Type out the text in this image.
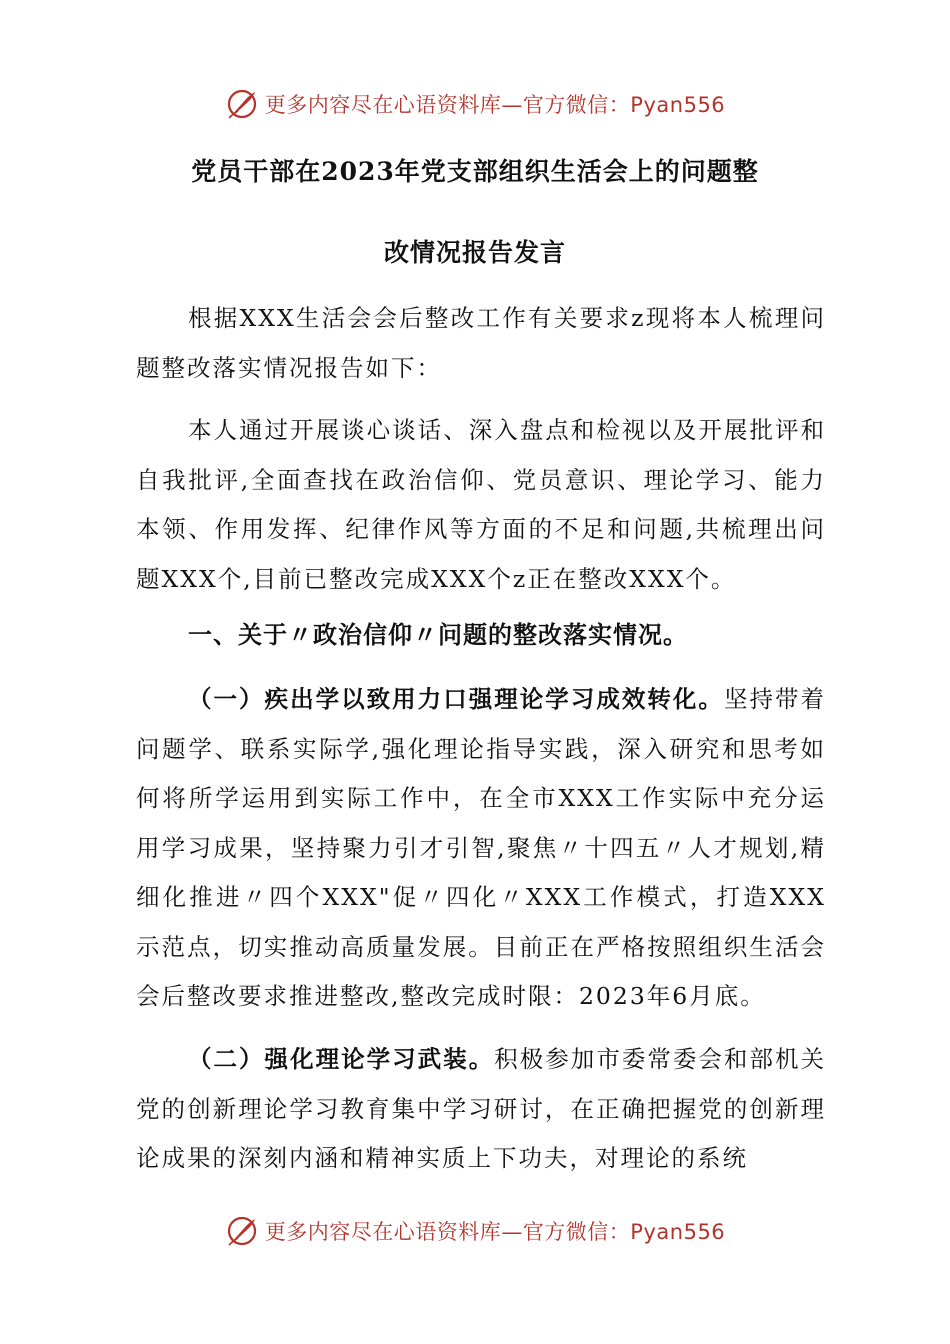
更多内容尽在心语资料库—官方微信：Pyan556
党员干部在2023年党支部组织生活会上的问题整
改情况报告发言

根据XXX生活会会后整改工作有关要求z现将本人梳理问题整改落实情况报告如下：

本人通过开展谈心谈话、深入盘点和检视以及开展批评和自我批评,全面查找在政治信仰、党员意识、理论学习、能力本领、作用发挥、纪律作风等方面的不足和问题,共梳理出问题XXX个,目前已整改完成XXX个z正在整改XXX个。

一、关于〃政治信仰〃问题的整改落实情况。

（一）疾出学以致用力口强理论学习成效转化。坚持带着问题学、联系实际学,强化理论指导实践，深入研究和思考如何将所学运用到实际工作中，在全市XXX工作实际中充分运用学习成果，坚持聚力引才引智,聚焦〃十四五〃人才规划,精细化推进〃四个XXX"促〃四化〃XXX工作模式，打造XXX示范点，切实推动高质量发展。目前正在严格按照组织生活会会后整改要求推进整改,整改完成时限：2023年6月底。

（二）强化理论学习武装。积极参加市委常委会和部机关党的创新理论学习教育集中学习研讨，在正确把握党的创新理论成果的深刻内涵和精神实质上下功夫，对理论的系统

更多内容尽在心语资料库—官方微信：Pyan556
